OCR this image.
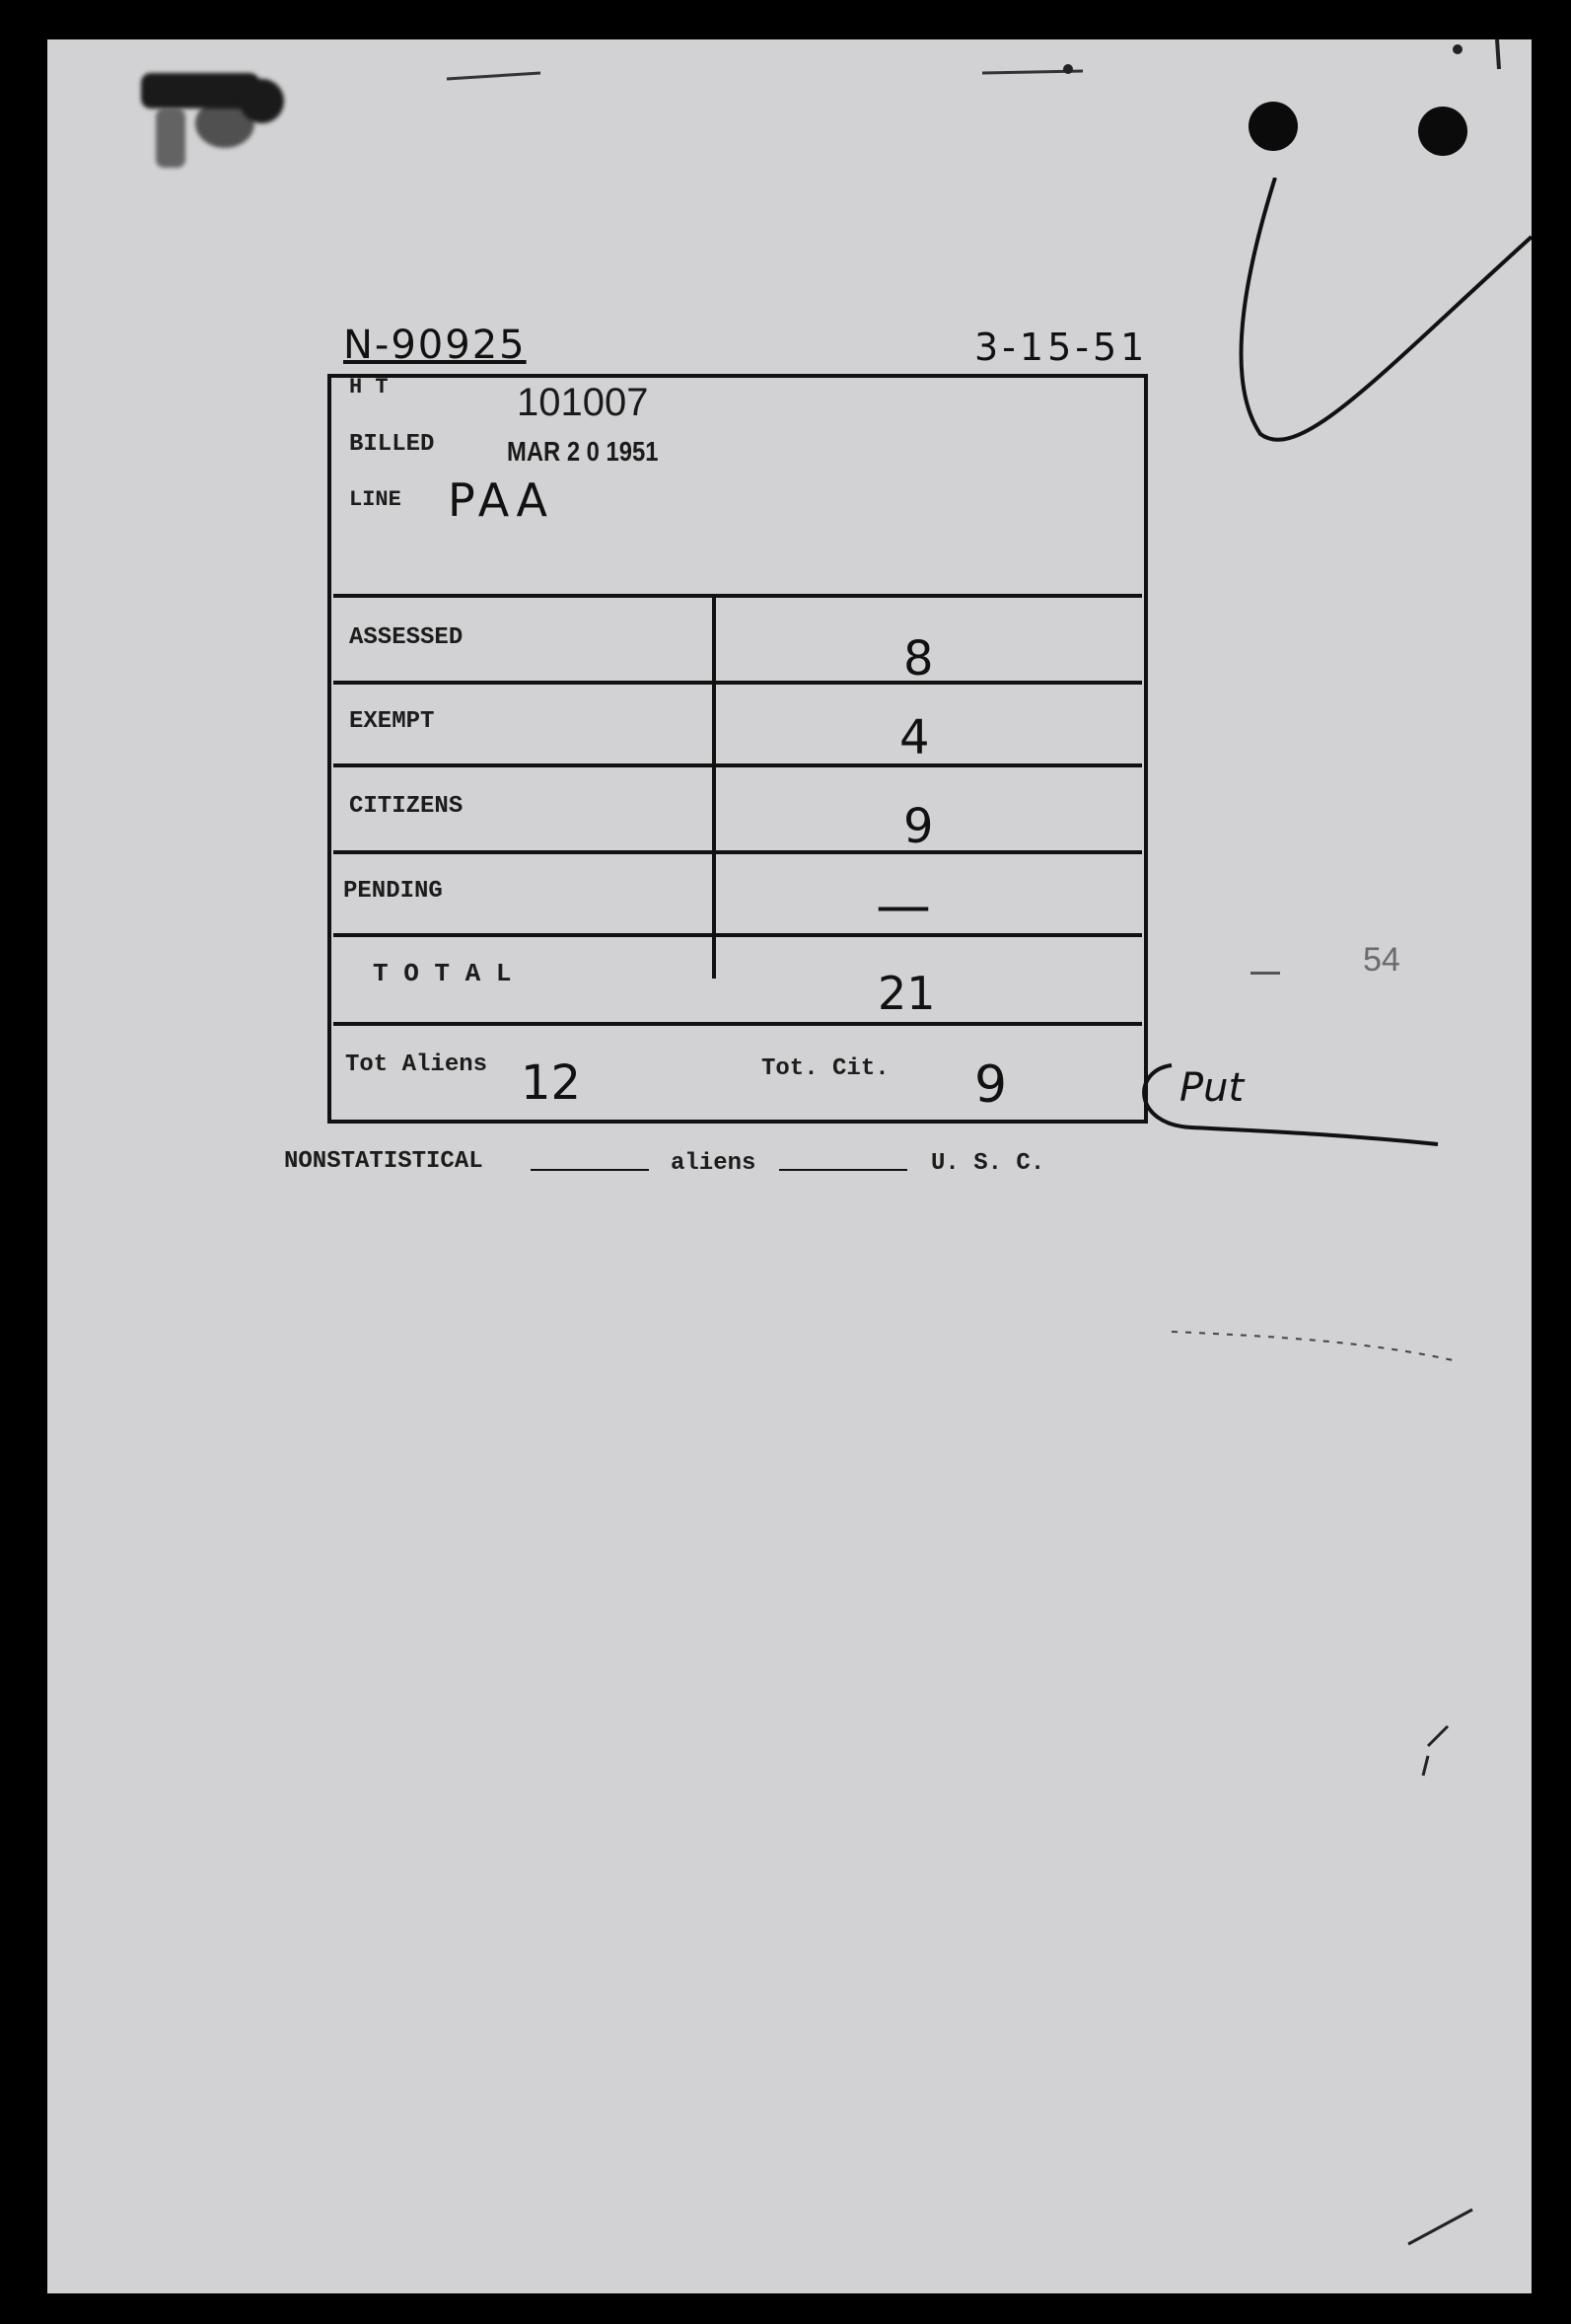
N-90925	3-15-51
H T	101007
BILLED	MAR 2 0 1951
LINE PAA
ASSESSED	8
EXEMPT	4
CITIZENS	9
PENDING	—
T O T A L	21
Tot Aliens 12	Tot. Cit. 9
54
Put
NONSTATISTICAL	aliens	U. S. C.
